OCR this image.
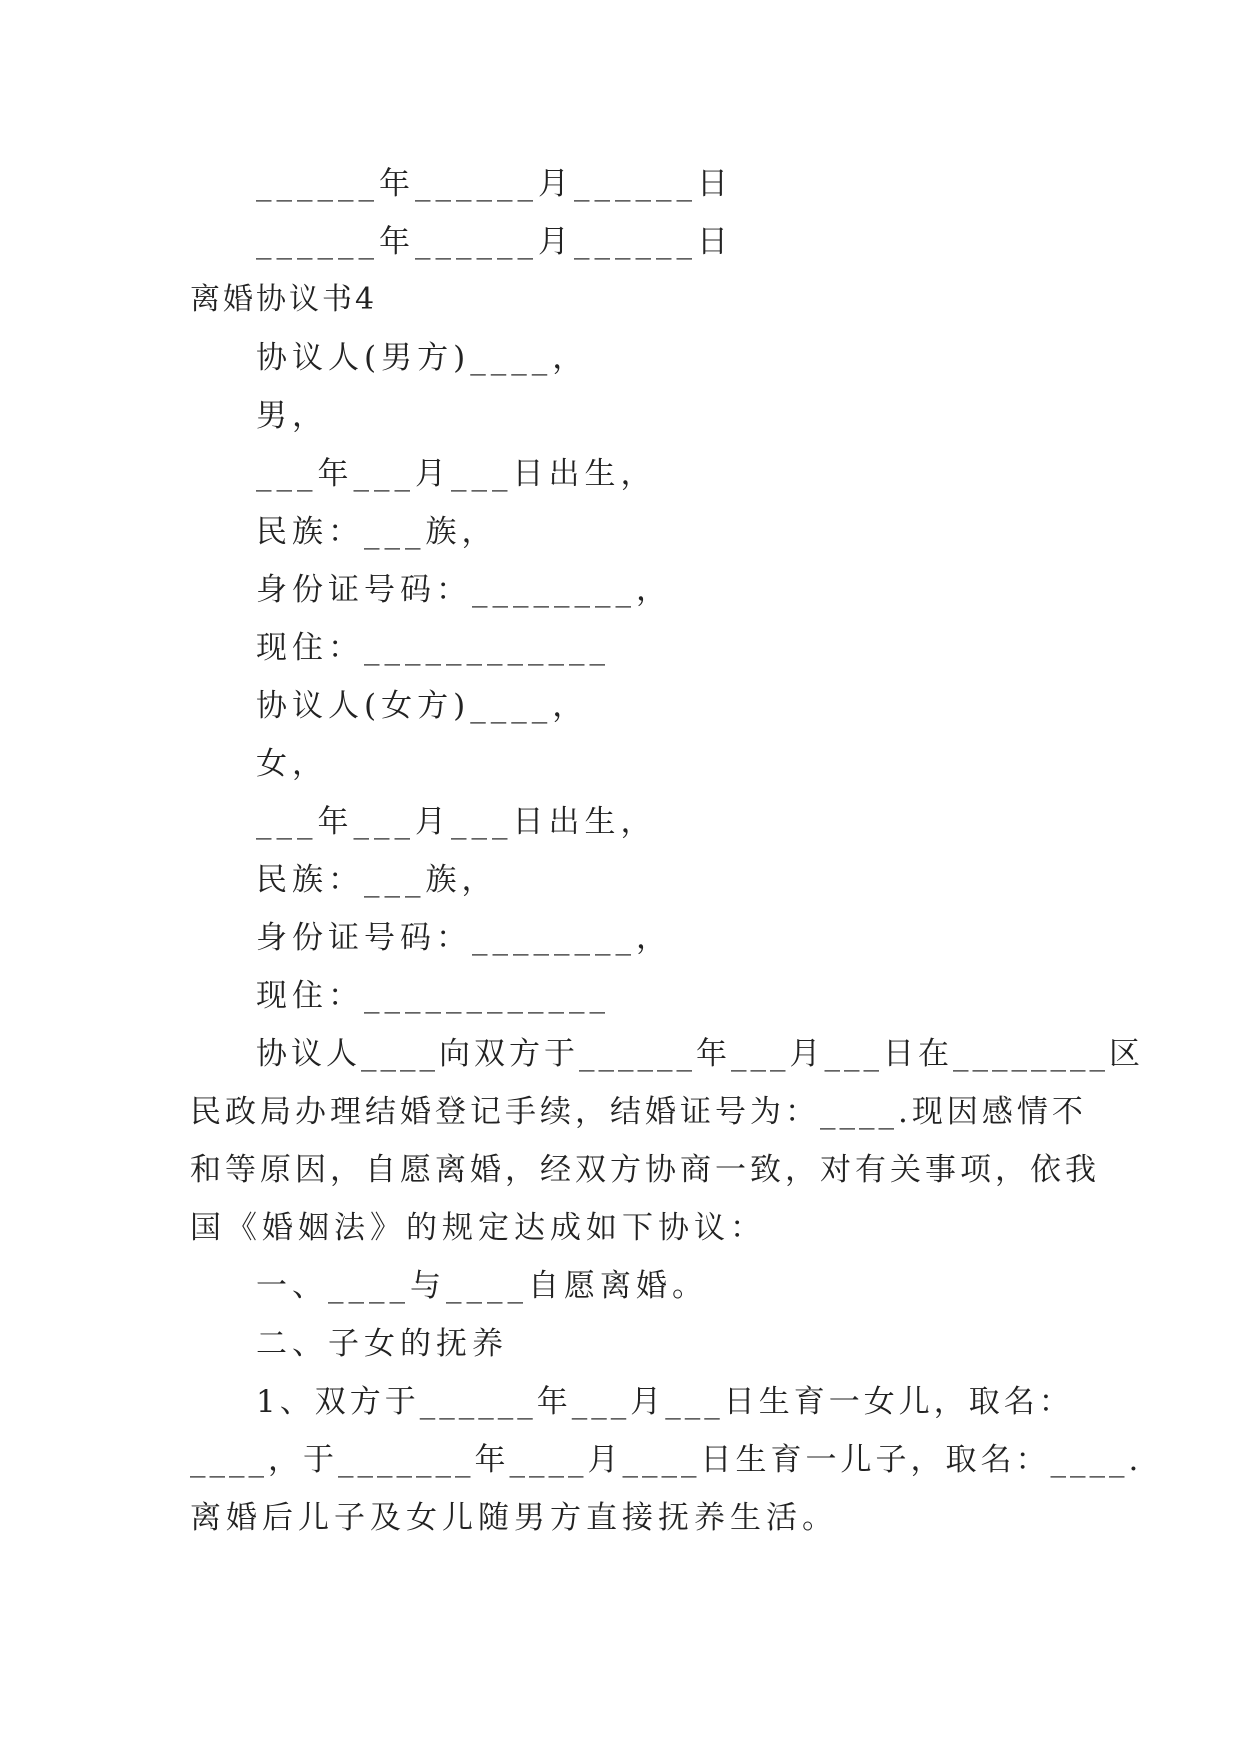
______年______月______日
______年______月______日
离婚协议书4
协议人(男方)____，
男，
___年___月___日出生，
民族：___族，
身份证号码：________，
现住：____________
协议人(女方)____，
女，
___年___月___日出生，
民族：___族，
身份证号码：________，
现住：____________
协议人____向双方于______年___月___日在________区
民政局办理结婚登记手续，结婚证号为：____.现因感情不
和等原因，自愿离婚，经双方协商一致，对有关事项，依我
国《婚姻法》的规定达成如下协议：
一、____与____自愿离婚。
二、子女的抚养
1、双方于______年___月___日生育一女儿，取名：
____，于_______年____月____日生育一儿子，取名：____.
离婚后儿子及女儿随男方直接抚养生活。
